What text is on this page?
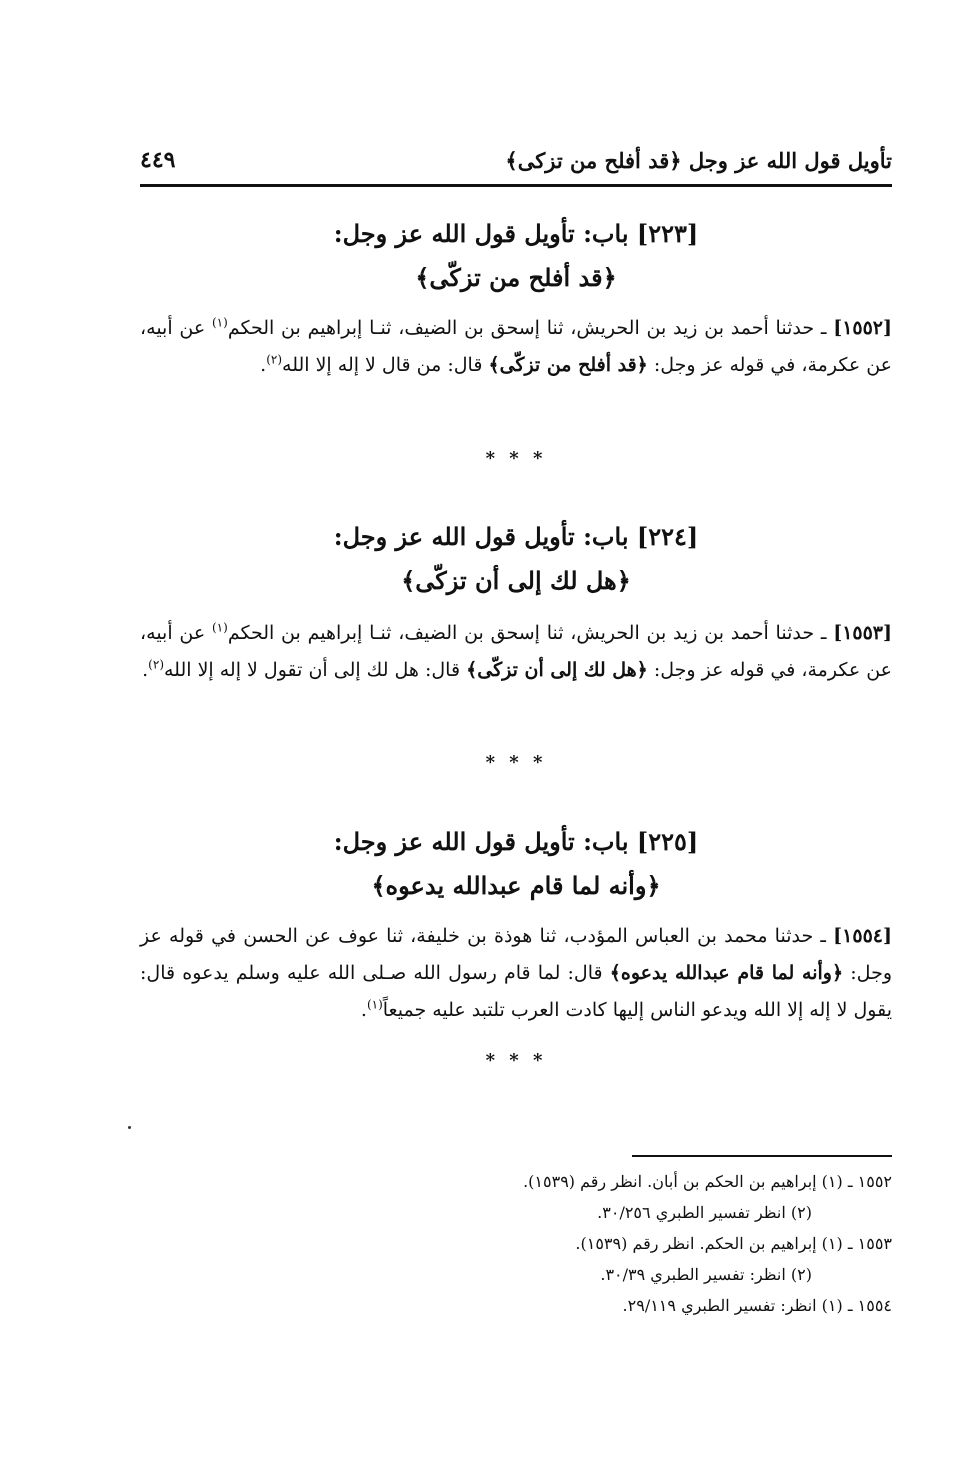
تأويل قول الله عز وجل ﴿قد أفلح من تزكى﴾
٤٤٩
[٢٢٣] باب: تأويل قول الله عز وجل:
﴿قد أفلح من تزكّى﴾
[١٥٥٢] ـ حدثنا أحمد بن زيد بن الحريش، ثنا إسحق بن الضيف، ثنـا إبراهيم بن الحكم$^{(١)}$ عن أبيه، عن عكرمة، في قوله عز وجل: ﴿قد أفلح من تزكّى﴾ قال: من قال لا إله إلا الله$^{(٢)}$.
* * *
[٢٢٤] باب: تأويل قول الله عز وجل:
﴿هل لك إلى أن تزكّى﴾
[١٥٥٣] ـ حدثنا أحمد بن زيد بن الحريش، ثنا إسحق بن الضيف، ثنـا إبراهيم بن الحكم$^{(١)}$ عن أبيه، عن عكرمة، في قوله عز وجل: ﴿هل لك إلى أن تزكّى﴾ قال: هل لك إلى أن تقول لا إله إلا الله$^{(٢)}$.
* * *
[٢٢٥] باب: تأويل قول الله عز وجل:
﴿وأنه لما قام عبدالله يدعوه﴾
[١٥٥٤] ـ حدثنا محمد بن العباس المؤدب، ثنا هوذة بن خليفة، ثنا عوف عن الحسن في قوله عز وجل: ﴿وأنه لما قام عبدالله يدعوه﴾ قال: لما قام رسول الله صـلى الله عليه وسلم يدعوه قال: يقول لا إله إلا الله ويدعو الناس إليها كادت العرب تلتبد عليه جميعاً$^{(١)}$.
* * *
١٥٥٢ ـ (١) إبراهيم بن الحكم بن أبان. انظر رقم (١٥٣٩).
(٢) انظر تفسير الطبري ٣٠/٢٥٦.
١٥٥٣ ـ (١) إبراهيم بن الحكم. انظر رقم (١٥٣٩).
(٢) انظر: تفسير الطبري ٣٠/٣٩.
١٥٥٤ ـ (١) انظر: تفسير الطبري ٢٩/١١٩.
